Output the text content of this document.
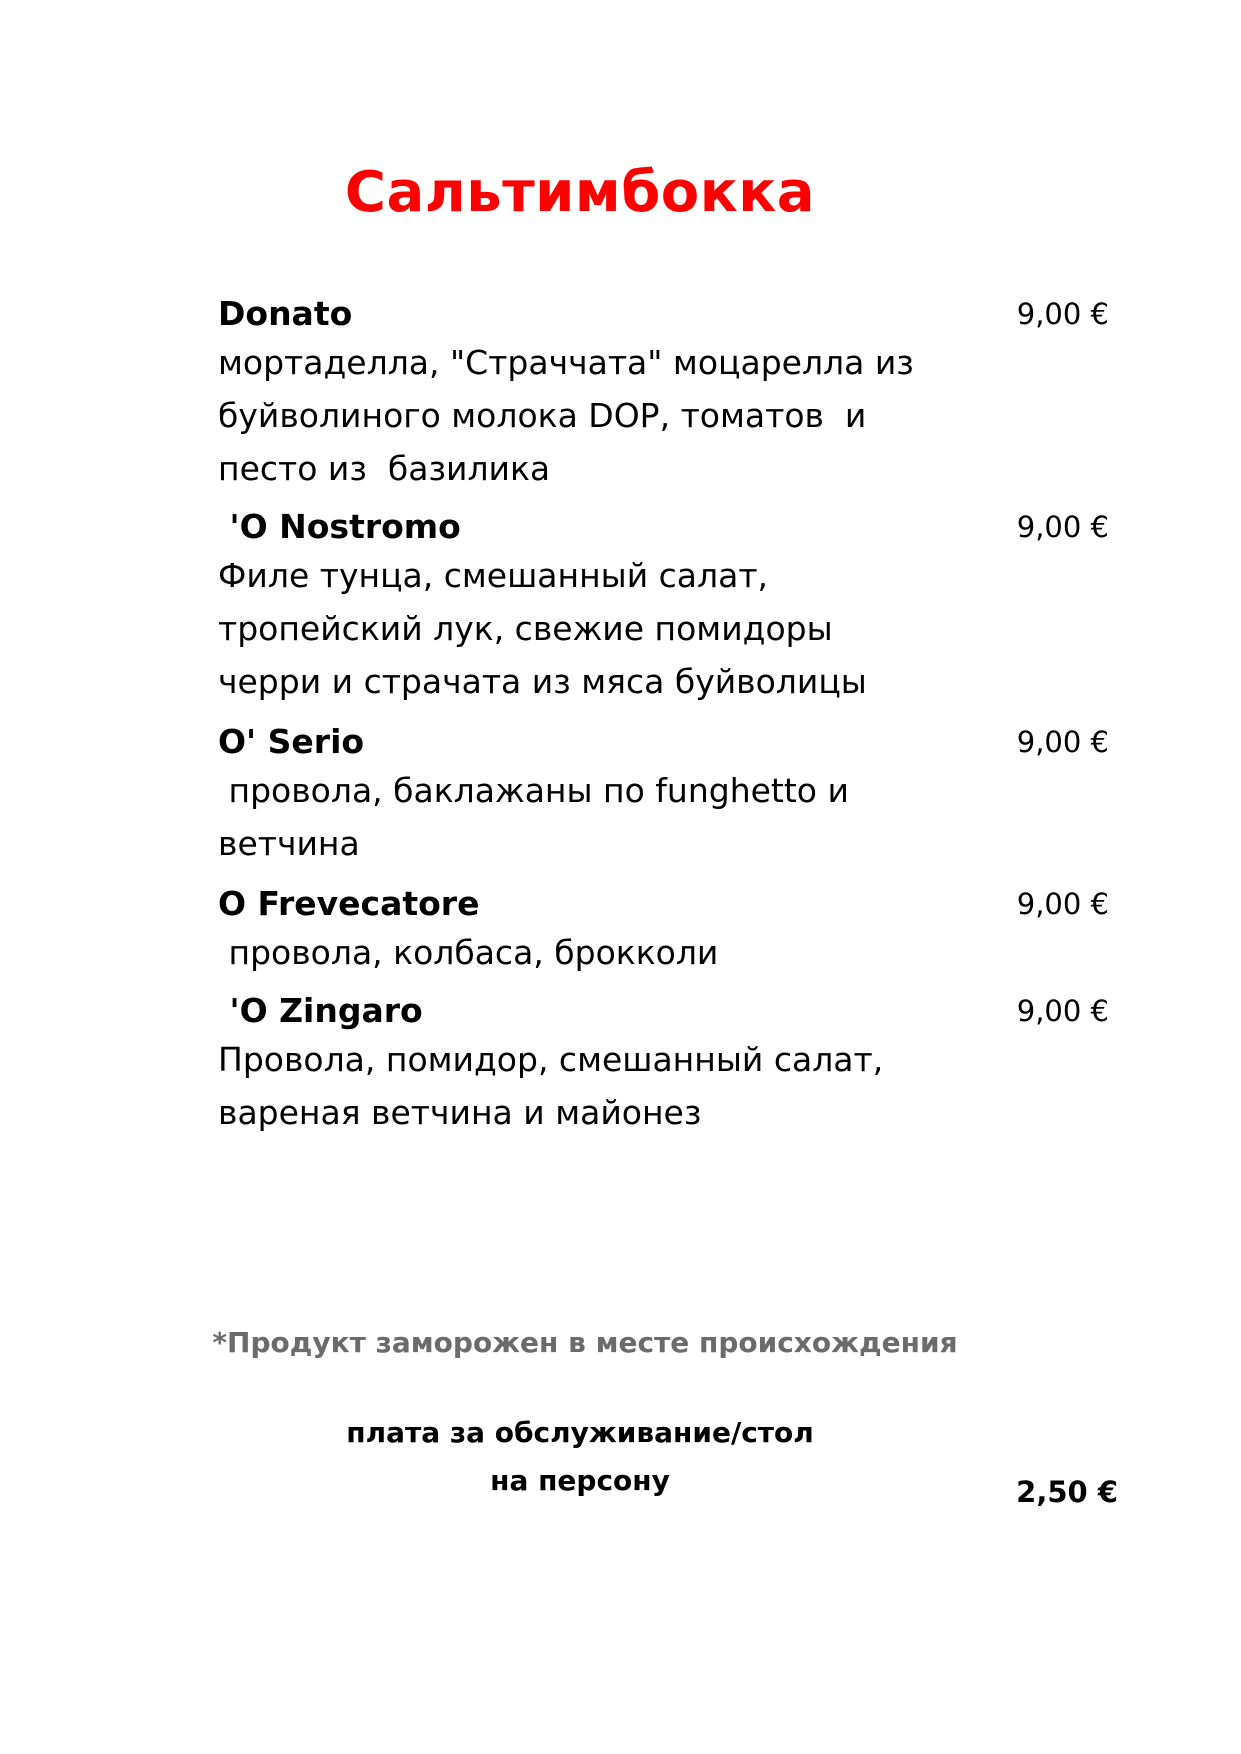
Сальтимбокка
Donato	9,00 €
мортаделла, "Страччата" моцарелла из
буйволиного молока DOP, томатов  и
песто из  базилика
'O Nostromo	9,00 €
Филе тунца, смешанный салат,
тропейский лук, свежие помидоры
черри и страчата из мяса буйволицы
O' Serio	9,00 €
провола, баклажаны по funghetto и
ветчина
O Frevecatore	9,00 €
провола, колбаса, брокколи
'O Zingaro	9,00 €
Провола, помидор, смешанный салат,
вареная ветчина и майонез
*Продукт заморожен в месте происхождения
плата за обслуживание/стол
на персону	2,50 €
